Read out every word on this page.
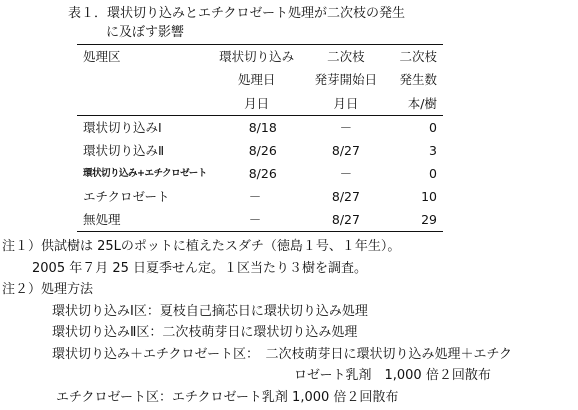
表１．環状切り込みとエチクロゼート処理が二次枝の発生
に及ぼす影響
処理区	環状切り込み	二次枝	二次枝
	処理日	発芽開始日	発生数
	月日	月日	本/樹
環状切り込みⅠ	8/18	－	0
環状切り込みⅡ	8/26	8/27	3
環状切り込み+エチクロゼート	8/26	－	0
エチクロゼート	－	8/27	10
無処理	－	8/27	29
注１）供試樹は 25Lのポットに植えたスダチ（徳島１号、１年生）。
2005 年７月 25 日夏季せん定。１区当たり３樹を調査。
注２）処理方法
環状切り込みⅠ区：夏枝自己摘芯日に環状切り込み処理
環状切り込みⅡ区：二次枝萌芽日に環状切り込み処理
環状切り込み＋エチクロゼート区：　二次枝萌芽日に環状切り込み処理＋エチク
ロゼート乳剤　1,000 倍２回散布
エチクロゼート区：エチクロゼート乳剤 1,000 倍２回散布
